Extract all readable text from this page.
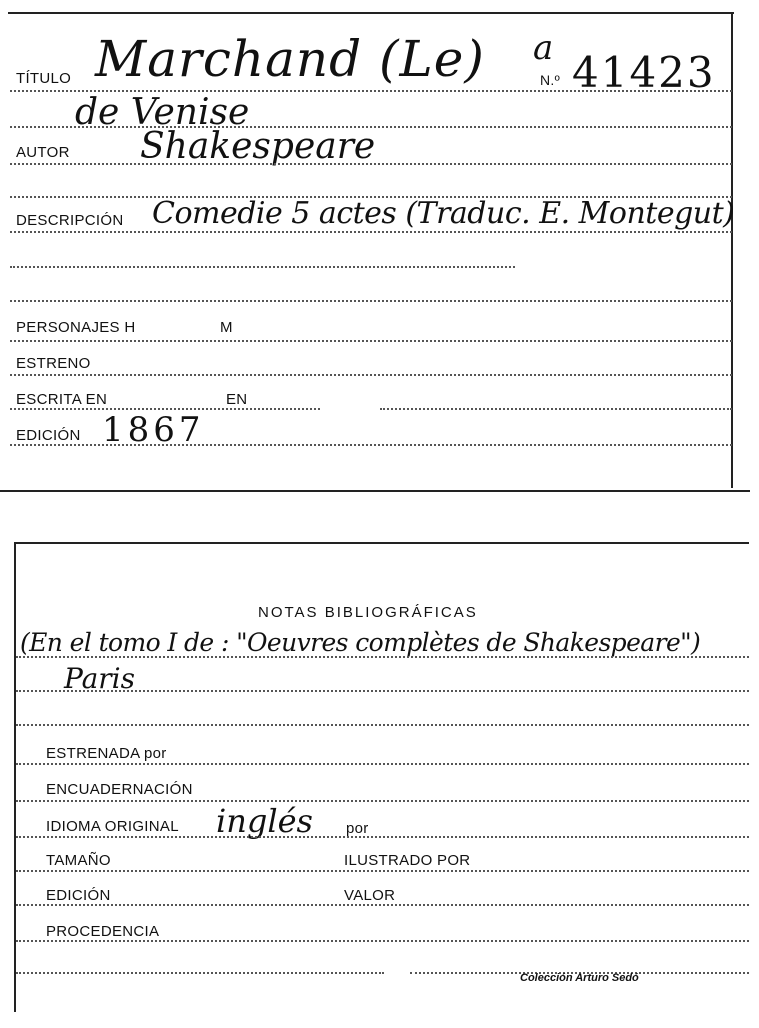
TÍTULO Marchand (Le) a
N.º 41423
de Venise
AUTOR Shakespeare
DESCRIPCIÓN Comedie 5 actes (Traduc. E. Montegut)
PERSONAJES H	M
ESTRENO
ESCRITA EN	EN
EDICIÓN 1867
NOTAS BIBLIOGRÁFICAS
(En el tomo I de : "Oeuvres complètes de Shakespeare")
Paris
ESTRENADA por
ENCUADERNACIÓN
IDIOMA ORIGINAL inglés por
TAMAÑO	ILUSTRADO POR
EDICIÓN	VALOR
PROCEDENCIA
Colección Arturo Sedó
